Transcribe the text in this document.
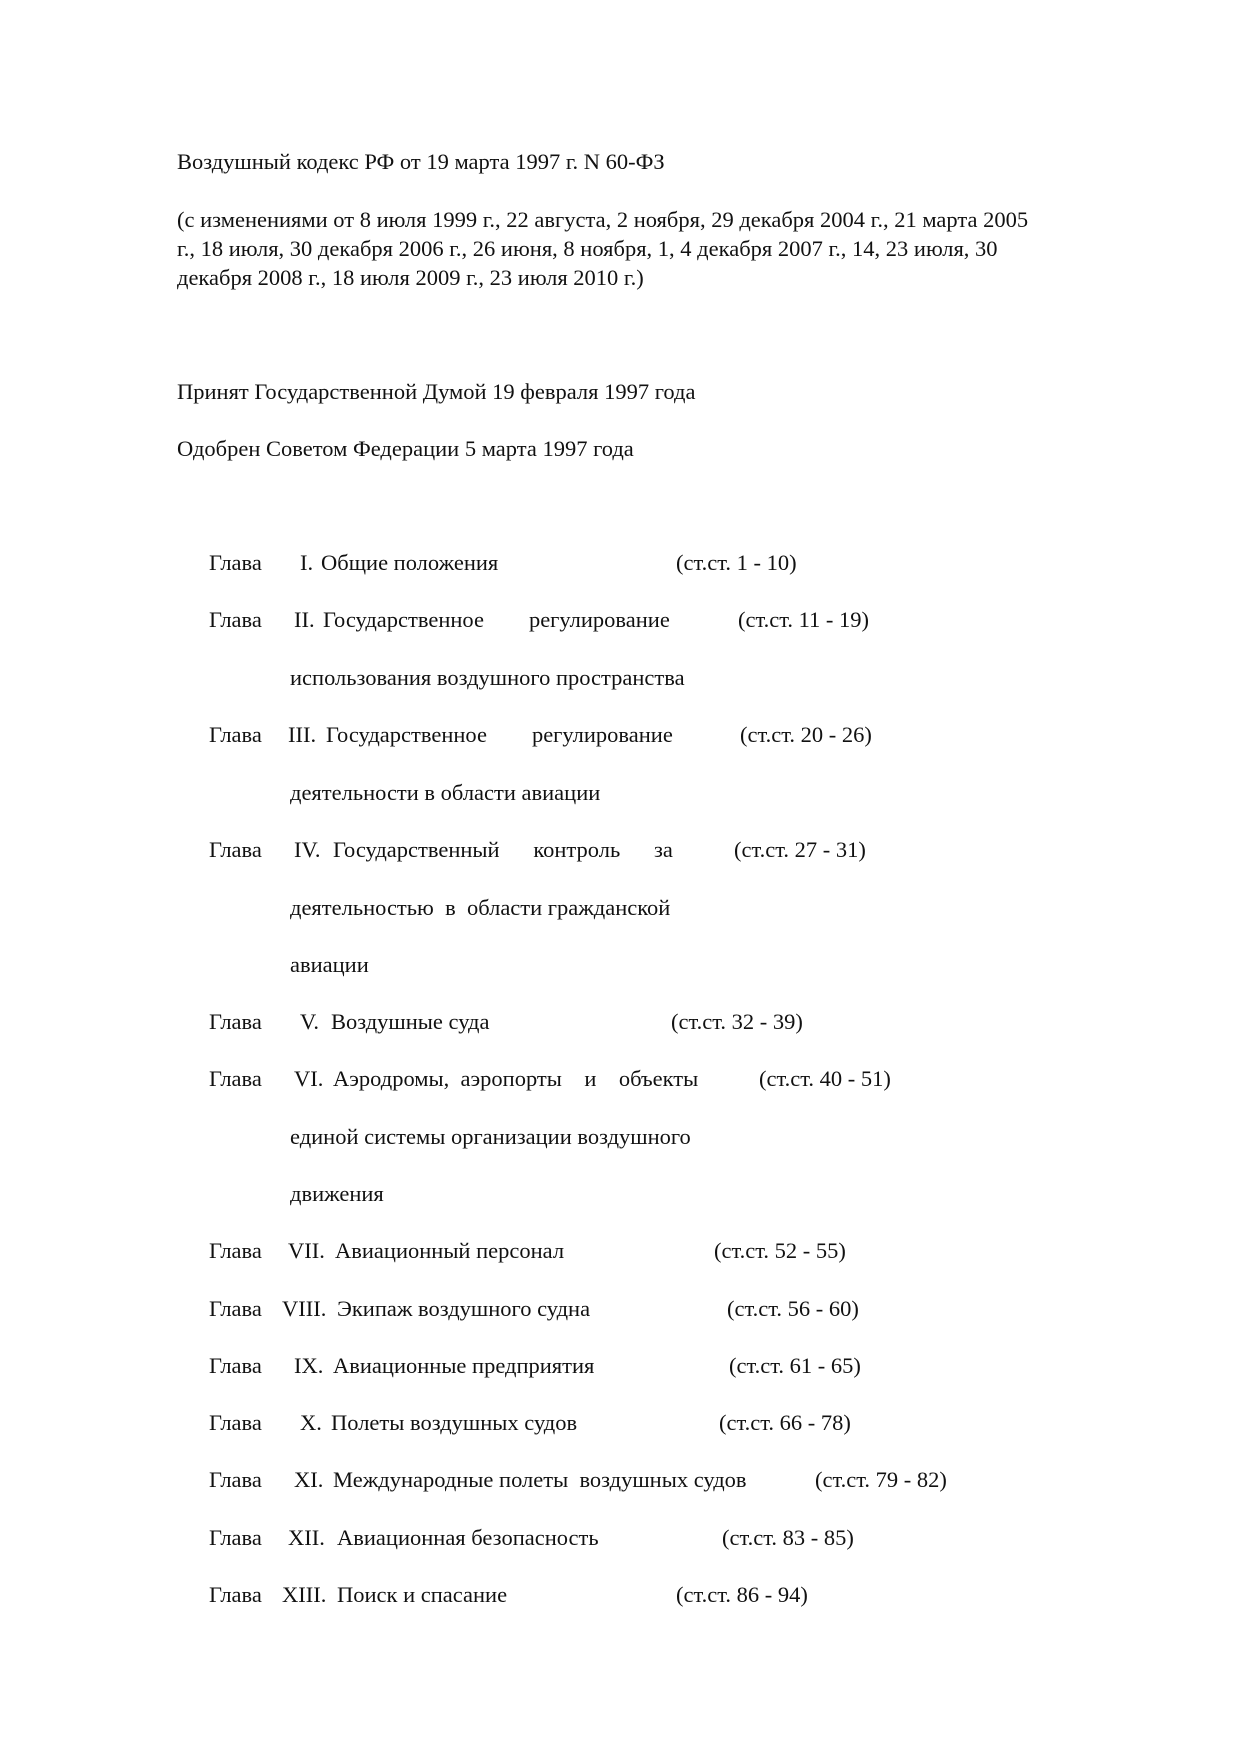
Воздушный кодекс РФ от 19 марта 1997 г. N 60-ФЗ
(с изменениями от 8 июля 1999 г., 22 августа, 2 ноября, 29 декабря 2004 г., 21 марта 2005
г., 18 июля, 30 декабря 2006 г., 26 июня, 8 ноября, 1, 4 декабря 2007 г., 14, 23 июля, 30
декабря 2008 г., 18 июля 2009 г., 23 июля 2010 г.)
Принят Государственной Думой 19 февраля 1997 года
Одобрен Советом Федерации 5 марта 1997 года
Глава I. Общие положения	(ст.ст. 1 - 10)
Глава II. Государственное        регулирование	(ст.ст. 11 - 19)
использования воздушного пространства
Глава III. Государственное        регулирование	(ст.ст. 20 - 26)
деятельности в области авиации
Глава IV. Государственный      контроль      за	(ст.ст. 27 - 31)
деятельностью  в  области гражданской
авиации
Глава V. Воздушные суда	(ст.ст. 32 - 39)
Глава VI. Аэродромы,  аэропорты    и    объекты	(ст.ст. 40 - 51)
единой системы организации воздушного
движения
Глава VII. Авиационный персонал	(ст.ст. 52 - 55)
Глава VIII. Экипаж воздушного судна	(ст.ст. 56 - 60)
Глава IX. Авиационные предприятия	(ст.ст. 61 - 65)
Глава X. Полеты воздушных судов	(ст.ст. 66 - 78)
Глава XI. Международные полеты  воздушных судов	(ст.ст. 79 - 82)
Глава XII. Авиационная безопасность	(ст.ст. 83 - 85)
Глава XIII. Поиск и спасание	(ст.ст. 86 - 94)
